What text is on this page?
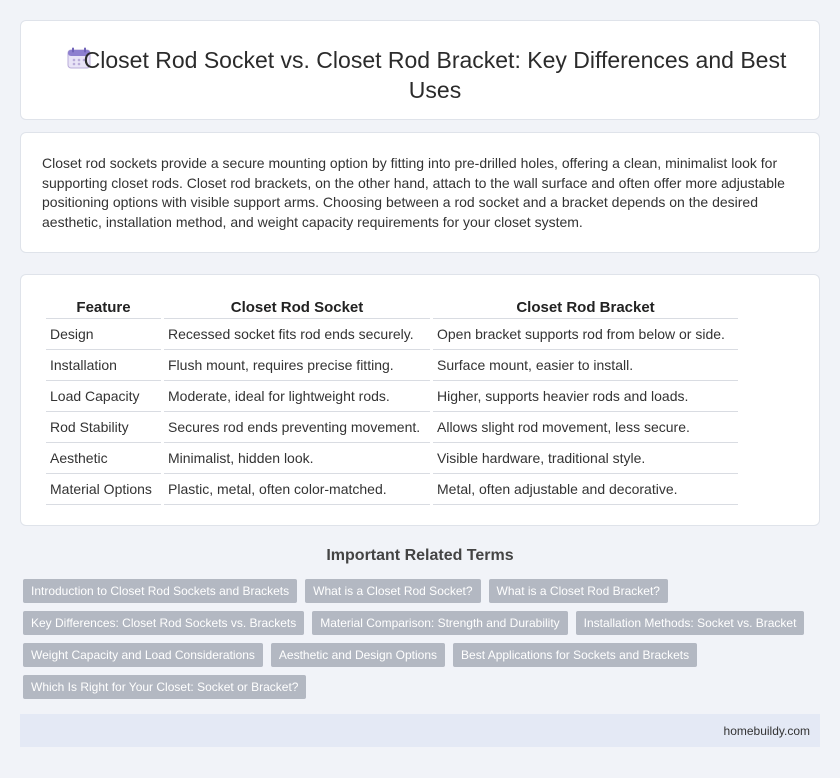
Closet Rod Socket vs. Closet Rod Bracket: Key Differences and Best Uses

Closet rod sockets provide a secure mounting option by fitting into pre-drilled holes, offering a clean, minimalist look for supporting closet rods. Closet rod brackets, on the other hand, attach to the wall surface and often offer more adjustable positioning options with visible support arms. Choosing between a rod socket and a bracket depends on the desired aesthetic, installation method, and weight capacity requirements for your closet system.

Feature	Closet Rod Socket	Closet Rod Bracket
Design	Recessed socket fits rod ends securely.	Open bracket supports rod from below or side.
Installation	Flush mount, requires precise fitting.	Surface mount, easier to install.
Load Capacity	Moderate, ideal for lightweight rods.	Higher, supports heavier rods and loads.
Rod Stability	Secures rod ends preventing movement.	Allows slight rod movement, less secure.
Aesthetic	Minimalist, hidden look.	Visible hardware, traditional style.
Material Options	Plastic, metal, often color-matched.	Metal, often adjustable and decorative.
Important Related Terms
Introduction to Closet Rod Sockets and Brackets	What is a Closet Rod Socket?	What is a Closet Rod Bracket?
Key Differences: Closet Rod Sockets vs. Brackets	Material Comparison: Strength and Durability	Installation Methods: Socket vs. Bracket
Weight Capacity and Load Considerations	Aesthetic and Design Options	Best Applications for Sockets and Brackets
Which Is Right for Your Closet: Socket or Bracket?
homebuildy.com
